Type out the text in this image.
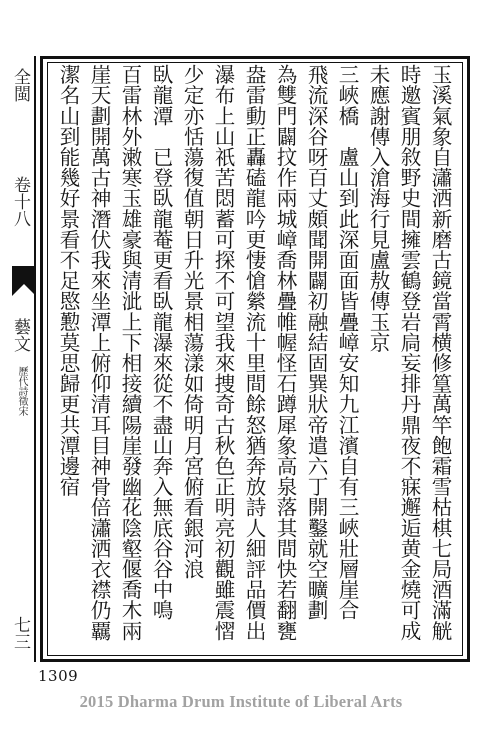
全閩
卷十八
藝文
歷代詩徵宋
七三	玉溪氣象自瀟洒新磨古鏡當霄横修篁萬竿飽霜雪枯棋七局酒滿觥
時邀賓朋敘野史間擁雲鶴登岩扃妄排丹鼎夜不寐邂逅黄金燒可成
未應謝傳入滄海行見盧敖傳玉京
三峽橋　盧山到此深面面皆疊嶂安知九江濱自有三峽壯層崖合
飛流深谷呀百丈頗聞開闢初融結固巽狀帝遣六丁開鑿就空曠劃
為雙門闢抆作兩城嶂喬林疊帷幄怪石蹲犀象高泉落其間快若翻甕
盎雷動正轟磕龍吟更悽愴縈流十里間餘怒猶奔放詩人細評品價出
瀑布上山祇苦悶蓄可探不可望我來捜奇古秋色正明亮初觀雖震慴
少定亦恬蕩復值朝日升光景相蕩漾如倚明月宮俯看銀河浪
臥龍潭　已登臥龍菴更看臥龍瀑來從不盡山奔入無底谷谷中鳴
百雷林外潄寒玉雄豪與清泚上下相接續陽崖發幽花陰壑偃喬木兩
崖天劃開萬古神潛伏我來坐潭上俯仰清耳目神骨倍瀟洒衣襟仍覊
潔名山到能幾好景看不足愍懃莫思歸更共潭邊宿
1309
2015 Dharma Drum Institute of Liberal Arts
